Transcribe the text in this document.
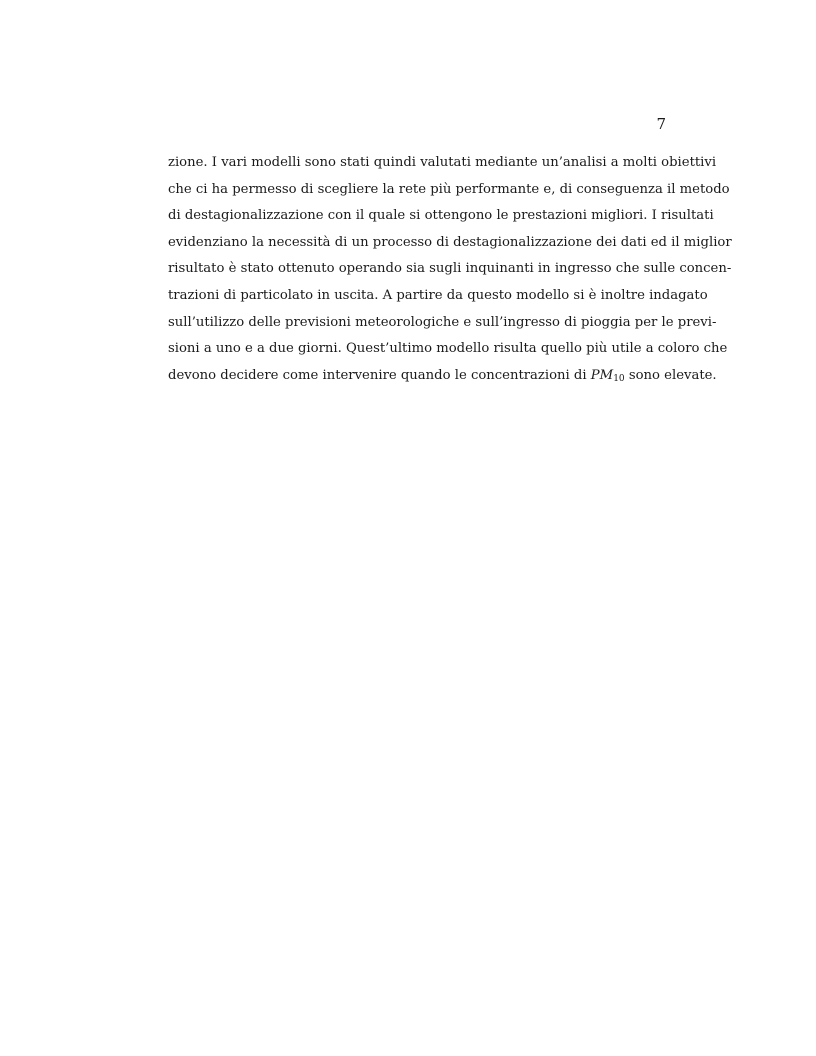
7
zione. I vari modelli sono stati quindi valutati mediante un’analisi a molti obiettivi
che ci ha permesso di scegliere la rete più performante e, di conseguenza il metodo
di destagionalizzazione con il quale si ottengono le prestazioni migliori. I risultati
evidenziano la necessità di un processo di destagionalizzazione dei dati ed il miglior
risultato è stato ottenuto operando sia sugli inquinanti in ingresso che sulle concen-
trazioni di particolato in uscita. A partire da questo modello si è inoltre indagato
sull’utilizzo delle previsioni meteorologiche e sull’ingresso di pioggia per le previ-
sioni a uno e a due giorni. Quest’ultimo modello risulta quello più utile a coloro che
devono decidere come intervenire quando le concentrazioni di $PM_{10}$ sono elevate.
